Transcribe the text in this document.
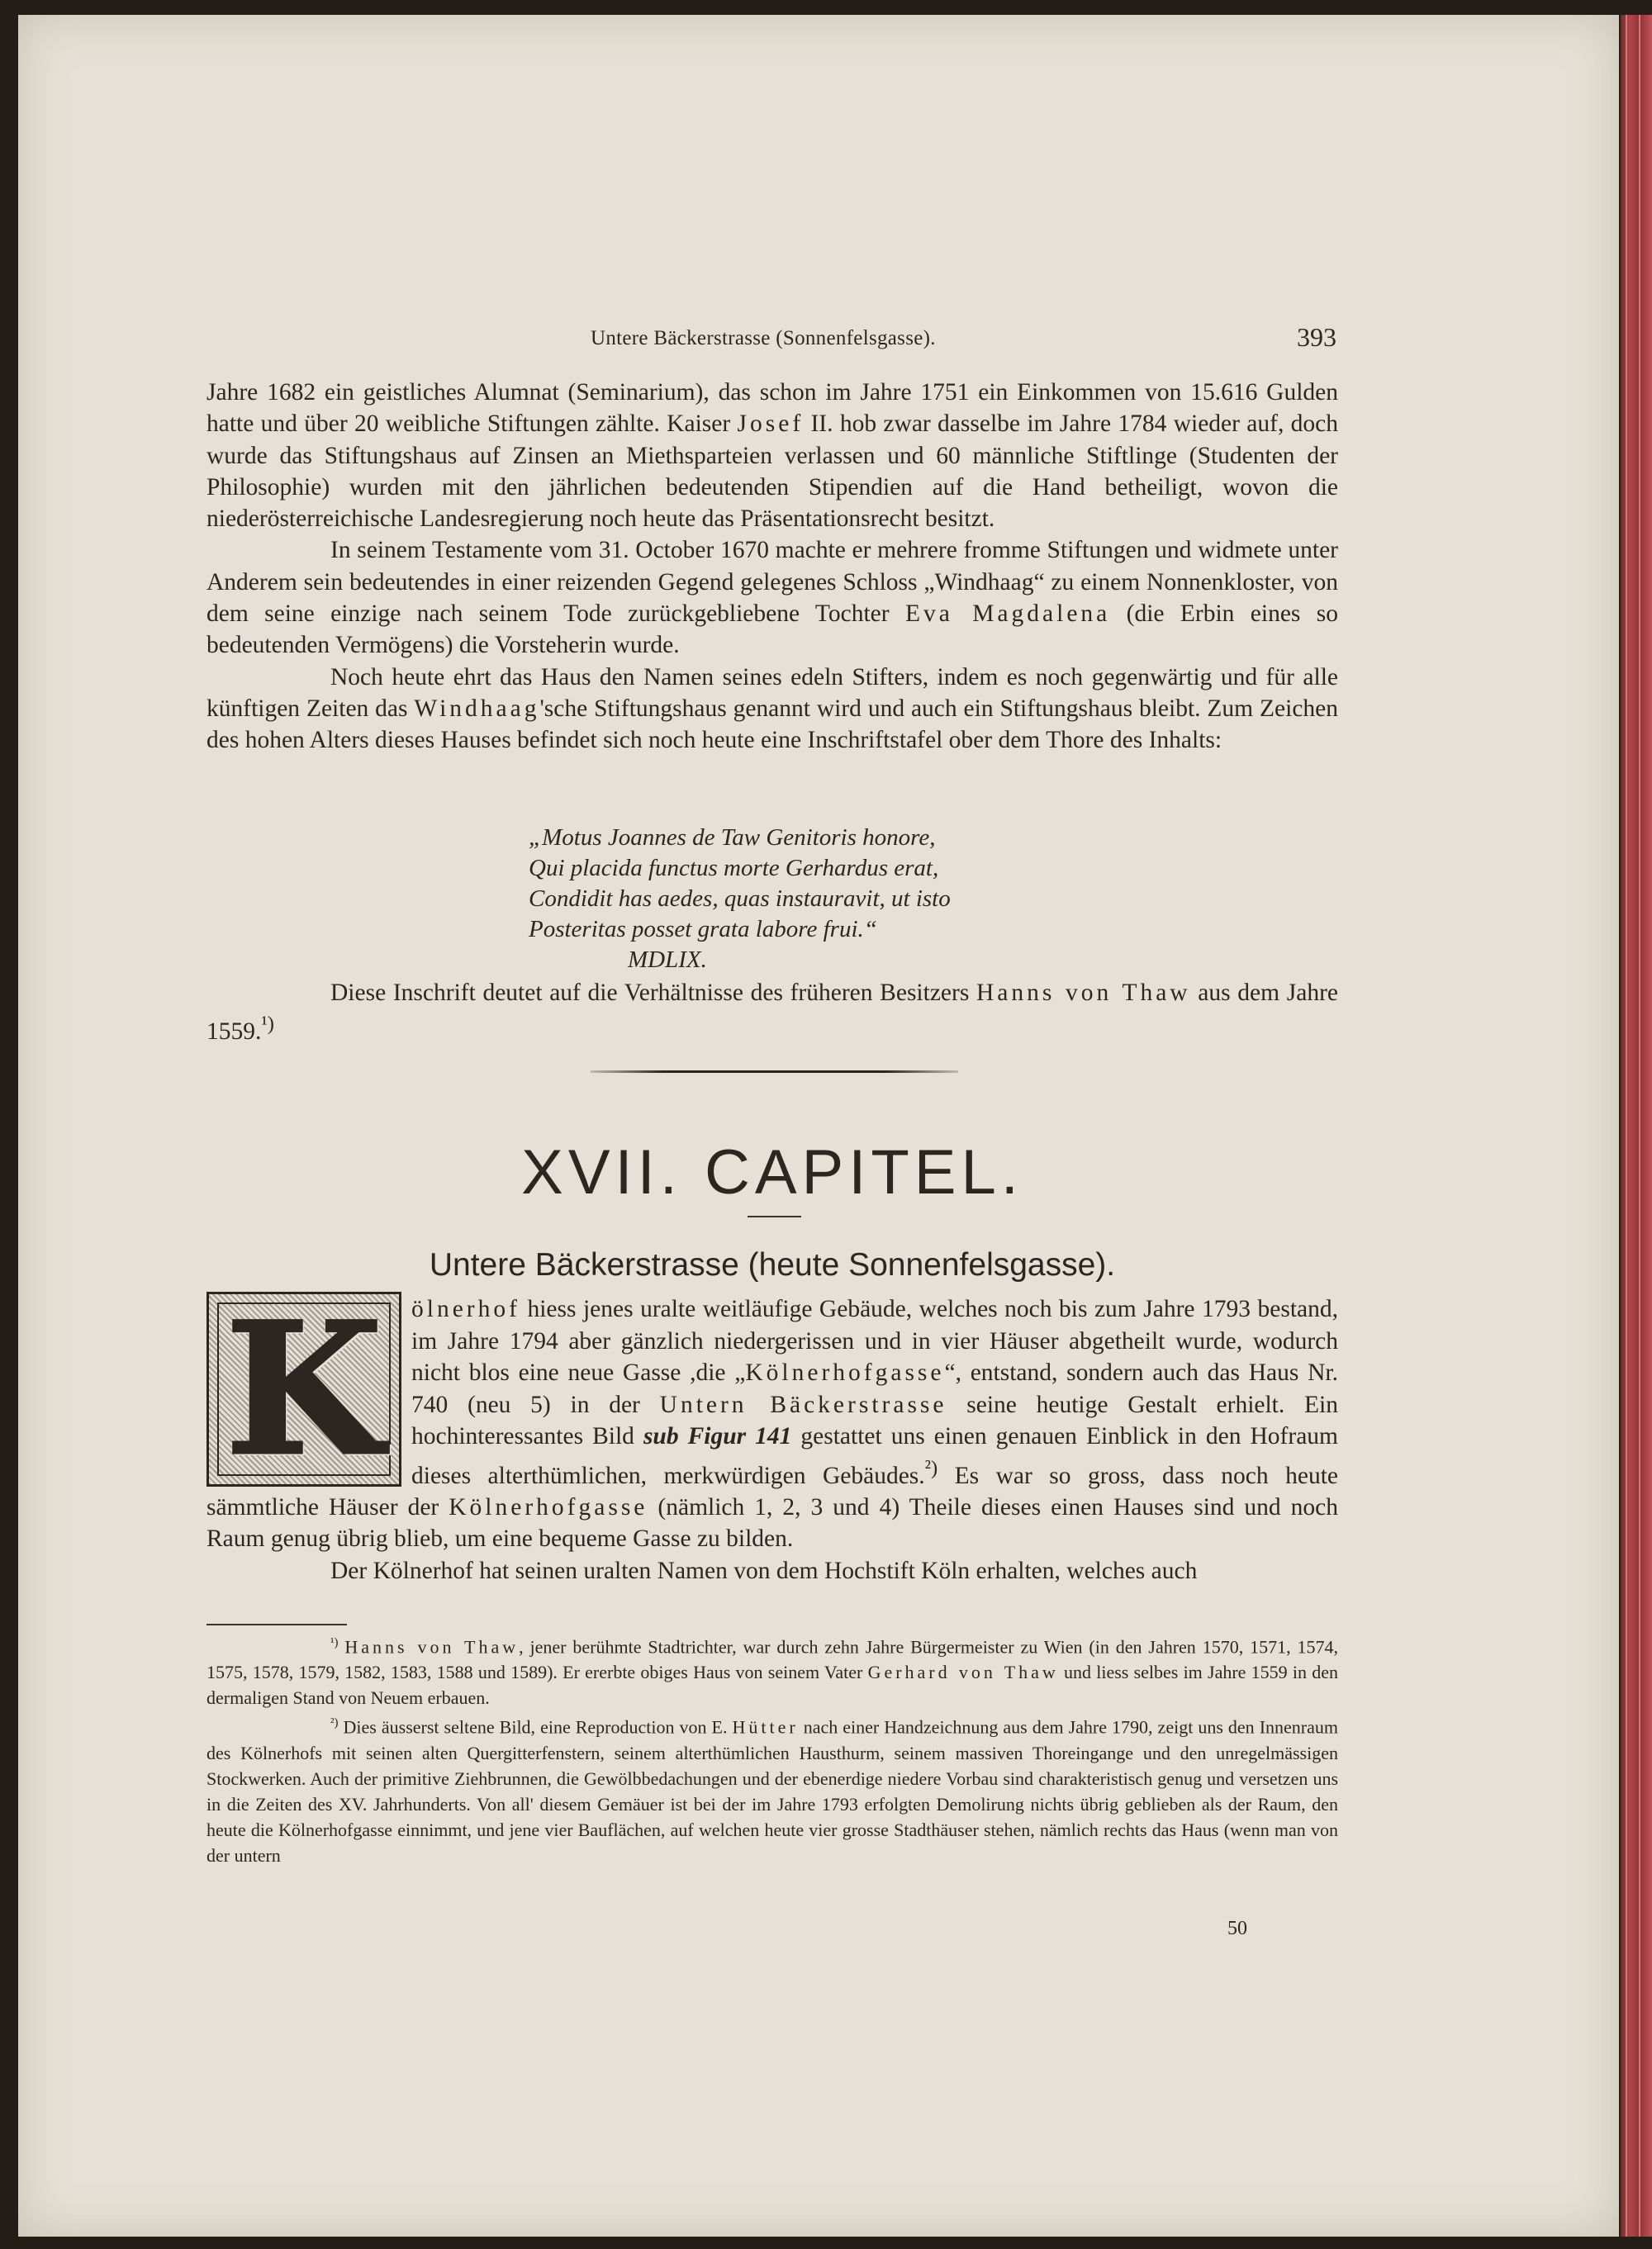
Untere Bäckerstrasse (Sonnenfelsgasse).	393

Jahre 1682 ein geistliches Alumnat (Seminarium), das schon im Jahre 1751 ein Einkommen von 15.616 Gulden hatte und über 20 weibliche Stiftungen zählte. Kaiser Josef II. hob zwar dasselbe im Jahre 1784 wieder auf, doch wurde das Stiftungshaus auf Zinsen an Miethsparteien verlassen und 60 männliche Stiftlinge (Studenten der Philosophie) wurden mit den jährlichen bedeutenden Stipendien auf die Hand betheiligt, wovon die niederösterreichische Landesregierung noch heute das Präsentationsrecht besitzt.

In seinem Testamente vom 31. October 1670 machte er mehrere fromme Stiftungen und widmete unter Anderem sein bedeutendes in einer reizenden Gegend gelegenes Schloss „Windhaag“ zu einem Nonnenkloster, von dem seine einzige nach seinem Tode zurückgebliebene Tochter Eva Magdalena (die Erbin eines so bedeutenden Vermögens) die Vorsteherin wurde.

Noch heute ehrt das Haus den Namen seines edeln Stifters, indem es noch gegenwärtig und für alle künftigen Zeiten das Windhaag'sche Stiftungshaus genannt wird und auch ein Stiftungshaus bleibt. Zum Zeichen des hohen Alters dieses Hauses befindet sich noch heute eine Inschriftstafel ober dem Thore des Inhalts:

„Motus Joannes de Taw Genitoris honore,
Qui placida functus morte Gerhardus erat,
Condidit has aedes, quas instauravit, ut isto
Posteritas posset grata labore frui.“
MDLIX.

Diese Inschrift deutet auf die Verhältnisse des früheren Besitzers Hanns von Thaw aus dem Jahre 1559.$^{^1)}$

XVII. CAPITEL.
Untere Bäckerstrasse (heute Sonnenfelsgasse).
ölnerhof hiess jenes uralte weitläufige Gebäude, welches noch bis zum Jahre 1793 bestand, im Jahre 1794 aber gänzlich niedergerissen und in vier Häuser abgetheilt wurde, wodurch nicht blos eine neue Gasse ,die „Kölnerhofgasse“, entstand, sondern auch das Haus Nr. 740 (neu 5) in der Untern Bäckerstrasse seine heutige Gestalt erhielt. Ein hochinteressantes Bild sub Figur 141 gestattet uns einen genauen Einblick in den Hofraum dieses alterthümlichen, merkwürdigen Gebäudes.$^{^2)}$ Es war so gross, dass noch heute sämmtliche Häuser der Kölnerhofgasse (nämlich 1, 2, 3 und 4) Theile dieses einen Hauses sind und noch Raum genug übrig blieb, um eine bequeme Gasse zu bilden.

Der Kölnerhof hat seinen uralten Namen von dem Hochstift Köln erhalten, welches auch

K

$^{^1)}$ Hanns von Thaw, jener berühmte Stadtrichter, war durch zehn Jahre Bürgermeister zu Wien (in den Jahren 1570, 1571, 1574, 1575, 1578, 1579, 1582, 1583, 1588 und 1589). Er ererbte obiges Haus von seinem Vater Gerhard von Thaw und liess selbes im Jahre 1559 in den dermaligen Stand von Neuem erbauen.

$^{^2)}$ Dies äusserst seltene Bild, eine Reproduction von E. Hütter nach einer Handzeichnung aus dem Jahre 1790, zeigt uns den Innenraum des Kölnerhofs mit seinen alten Quergitterfenstern, seinem alterthümlichen Hausthurm, seinem massiven Thoreingange und den unregelmässigen Stockwerken. Auch der primitive Ziehbrunnen, die Gewölbbedachungen und der ebenerdige niedere Vorbau sind charakteristisch genug und versetzen uns in die Zeiten des XV. Jahrhunderts. Von all' diesem Gemäuer ist bei der im Jahre 1793 erfolgten Demolirung nichts übrig geblieben als der Raum, den heute die Kölnerhofgasse einnimmt, und jene vier Bauflächen, auf welchen heute vier grosse Stadthäuser stehen, nämlich rechts das Haus (wenn man von der untern

50
